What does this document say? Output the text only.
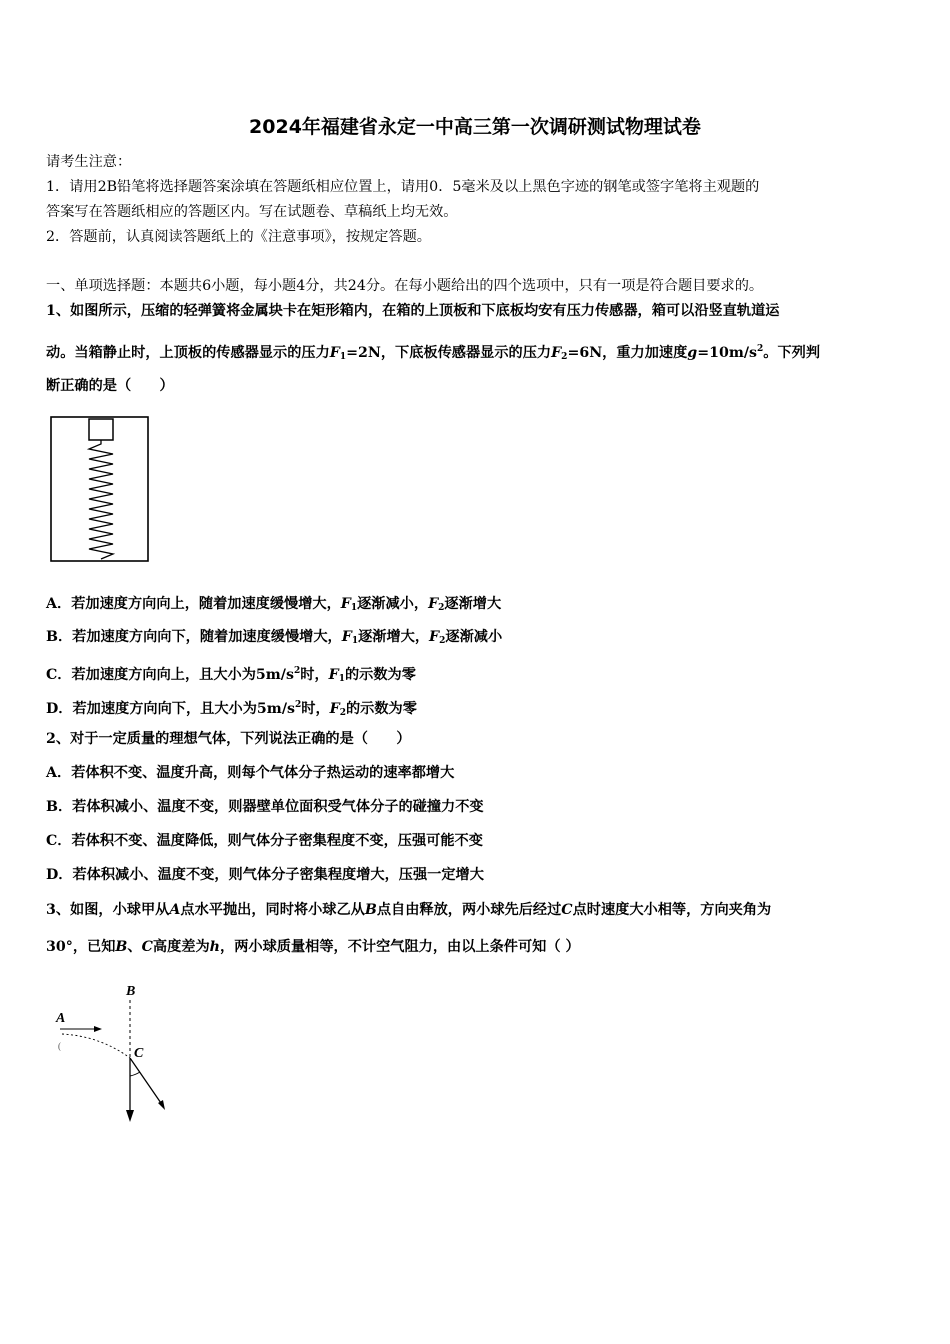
2024年福建省永定一中高三第一次调研测试物理试卷
请考生注意：
1．请用2B铅笔将选择题答案涂填在答题纸相应位置上，请用0．5毫米及以上黑色字迹的钢笔或签字笔将主观题的
答案写在答题纸相应的答题区内。写在试题卷、草稿纸上均无效。
2．答题前，认真阅读答题纸上的《注意事项》，按规定答题。
一、单项选择题：本题共6小题，每小题4分，共24分。在每小题给出的四个选项中，只有一项是符合题目要求的。
1、如图所示，压缩的轻弹簧将金属块卡在矩形箱内，在箱的上顶板和下底板均安有压力传感器，箱可以沿竖直轨道运
动。当箱静止时，上顶板的传感器显示的压力$F_1=2N$，下底板传感器显示的压力$F_2=6N$，重力加速度$g=10m/s^2$。下列判
断正确的是（　　）
A．若加速度方向向上，随着加速度缓慢增大，$F_1$逐渐减小，$F_2$逐渐增大
B．若加速度方向向下，随着加速度缓慢增大，$F_1$逐渐增大，$F_2$逐渐减小
C．若加速度方向向上，且大小为$5m/s^2$时，$F_1$的示数为零
D．若加速度方向向下，且大小为$5m/s^2$时，$F_2$的示数为零
2、对于一定质量的理想气体，下列说法正确的是（　　）
A．若体积不变、温度升高，则每个气体分子热运动的速率都增大
B．若体积减小、温度不变，则器壁单位面积受气体分子的碰撞力不变
C．若体积不变、温度降低，则气体分子密集程度不变，压强可能不变
D．若体积减小、温度不变，则气体分子密集程度增大，压强一定增大
3、如图，小球甲从A点水平抛出，同时将小球乙从B点自由释放，两小球先后经过C点时速度大小相等，方向夹角为
30°，已知B、C高度差为h，两小球质量相等，不计空气阻力，由以上条件可知（ ）
B
A
C
(
